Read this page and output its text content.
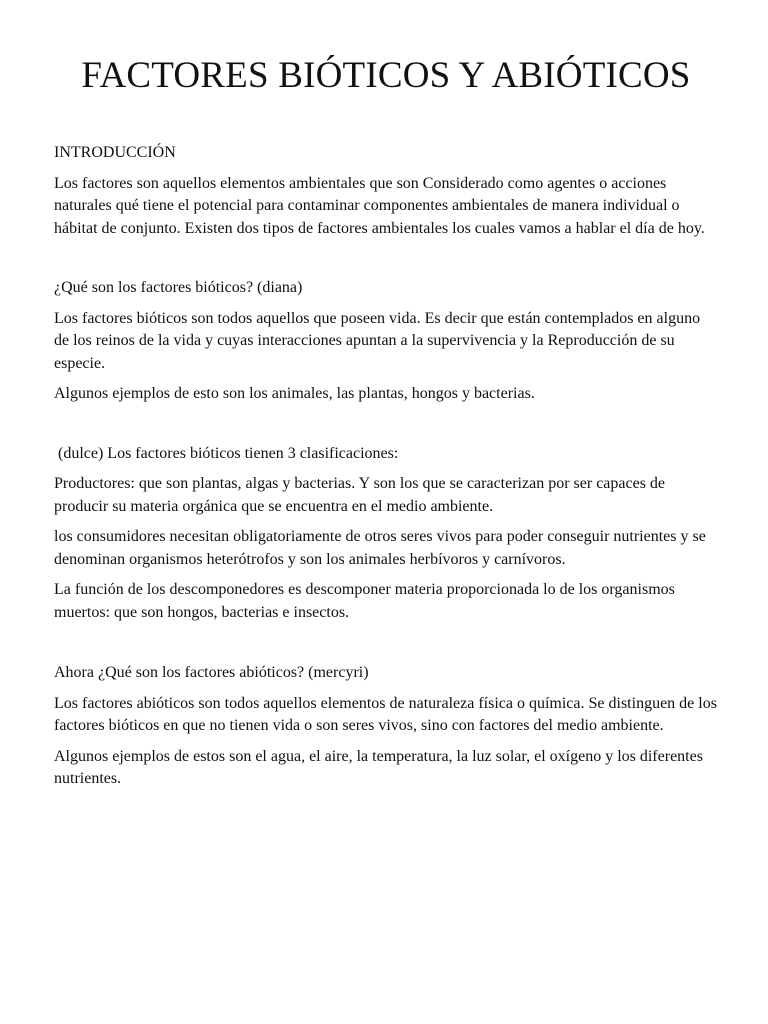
FACTORES BIÓTICOS Y ABIÓTICOS

INTRODUCCIÓN

Los factores son aquellos elementos ambientales que son Considerado como agentes o acciones naturales qué tiene el potencial para contaminar componentes ambientales de manera individual o hábitat de conjunto. Existen dos tipos de factores ambientales los cuales vamos a hablar el día de hoy.

¿Qué son los factores bióticos? (diana)

Los factores bióticos son todos aquellos que poseen vida. Es decir que están contemplados en alguno de los reinos de la vida y cuyas interacciones apuntan a la supervivencia y la Reproducción de su especie.

Algunos ejemplos de esto son los animales, las plantas, hongos y bacterias.

(dulce) Los factores bióticos tienen 3 clasificaciones:

Productores: que son plantas, algas y bacterias. Y son los que se caracterizan por ser capaces de producir su materia orgánica que se encuentra en el medio ambiente.

los consumidores necesitan obligatoriamente de otros seres vivos para poder conseguir nutrientes y se denominan organismos heterótrofos y son los animales herbívoros y carnívoros.

La función de los descomponedores es descomponer materia proporcionada lo de los organismos muertos: que son hongos, bacterias e insectos.

Ahora ¿Qué son los factores abióticos? (mercyri)

Los factores abióticos son todos aquellos elementos de naturaleza física o química. Se distinguen de los factores bióticos en que no tienen vida o son seres vivos, sino con factores del medio ambiente.

Algunos ejemplos de estos son el agua, el aire, la temperatura, la luz solar, el oxígeno y los diferentes nutrientes.
